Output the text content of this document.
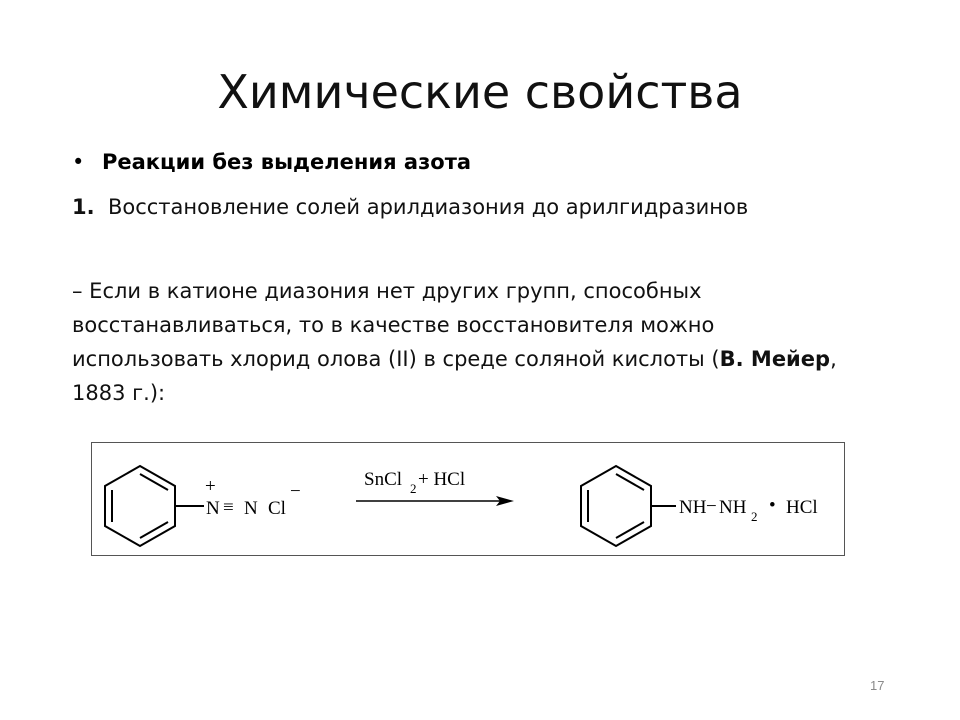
Химические свойства
• Реакции без выделения азота
1. Восстановление солей арилдиазония до арилгидразинов
– Если в катионе диазония нет других групп, способных восстанавливаться, то в качестве восстановителя можно использовать хлорид олова (II) в среде соляной кислоты (В. Мейер, 1883 г.):
+
N ≡ N Cl
−
SnCl 2 + HCl
NH − NH 2
• HCl
17
